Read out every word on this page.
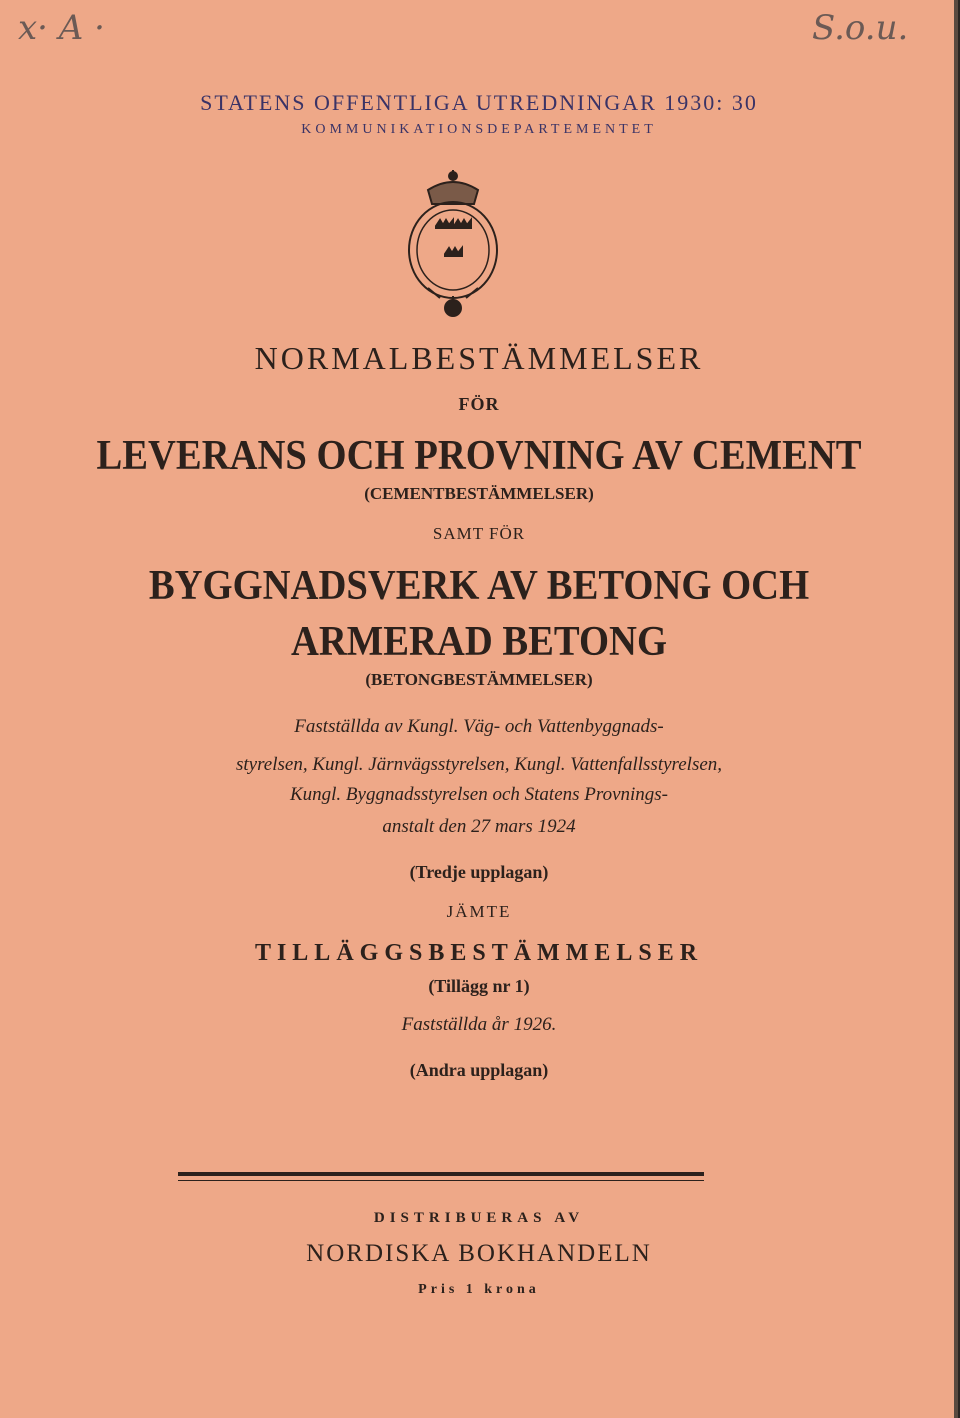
x· A ·	S.o.u.
STATENS OFFENTLIGA UTREDNINGAR 1930: 30
KOMMUNIKATIONSDEPARTEMENTET
NORMALBESTÄMMELSER
FÖR
LEVERANS OCH PROVNING AV CEMENT
(CEMENTBESTÄMMELSER)
SAMT FÖR
BYGGNADSVERK AV BETONG OCH
ARMERAD BETONG
(BETONGBESTÄMMELSER)
Fastställda av Kungl. Väg- och Vattenbyggnads-
styrelsen, Kungl. Järnvägsstyrelsen, Kungl. Vattenfallsstyrelsen,
Kungl. Byggnadsstyrelsen och Statens Provnings-
anstalt den 27 mars 1924
(Tredje upplagan)
JÄMTE
TILLÄGGSBESTÄMMELSER
(Tillägg nr 1)
Fastställda år 1926.
(Andra upplagan)
DISTRIBUERAS AV
NORDISKA BOKHANDELN
Pris 1 krona
